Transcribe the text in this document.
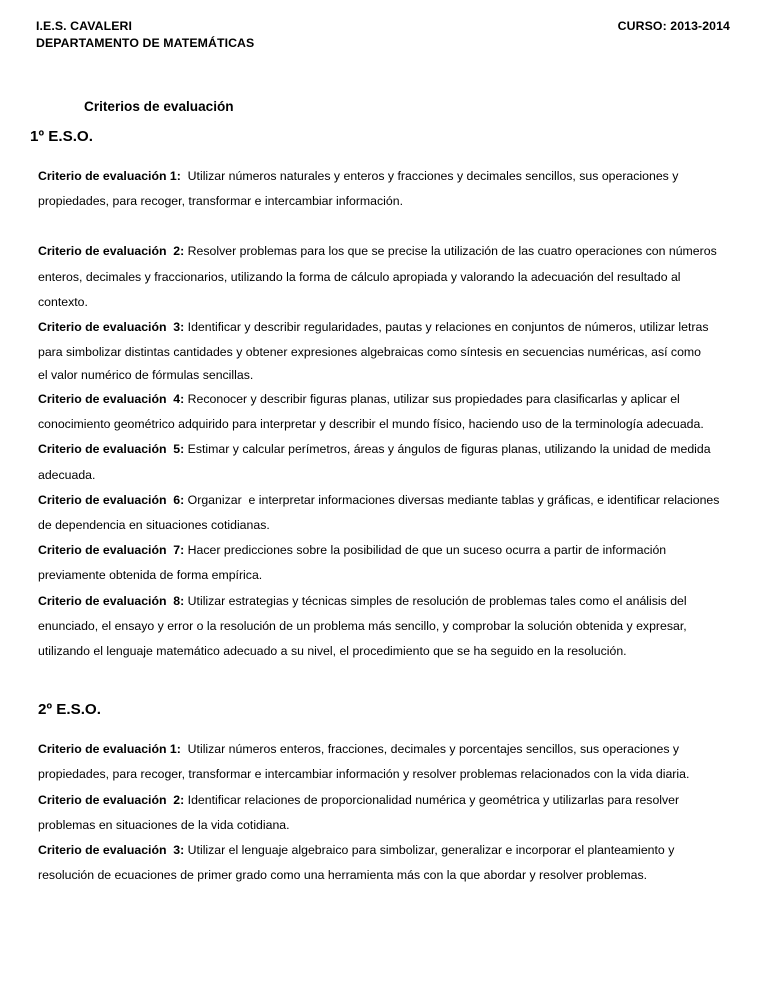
I.E.S. CAVALERI
DEPARTAMENTO DE MATEMÁTICAS
CURSO: 2013-2014
Criterios de evaluación
1º E.S.O.

Criterio de evaluación 1:  Utilizar números naturales y enteros y fracciones y decimales sencillos, sus operaciones y propiedades, para recoger, transformar e intercambiar información.

Criterio de evaluación  2: Resolver problemas para los que se precise la utilización de las cuatro operaciones con números enteros, decimales y fraccionarios, utilizando la forma de cálculo apropiada y valorando la adecuación del resultado al contexto.

Criterio de evaluación  3: Identificar y describir regularidades, pautas y relaciones en conjuntos de números, utilizar letras para simbolizar distintas cantidades y obtener expresiones algebraicas como síntesis en secuencias numéricas, así como

el valor numérico de fórmulas sencillas.

Criterio de evaluación  4: Reconocer y describir figuras planas, utilizar sus propiedades para clasificarlas y aplicar el conocimiento geométrico adquirido para interpretar y describir el mundo físico, haciendo uso de la terminología adecuada.

Criterio de evaluación  5: Estimar y calcular perímetros, áreas y ángulos de figuras planas, utilizando la unidad de medida adecuada.

Criterio de evaluación  6: Organizar  e interpretar informaciones diversas mediante tablas y gráficas, e identificar relaciones de dependencia en situaciones cotidianas.

Criterio de evaluación  7: Hacer predicciones sobre la posibilidad de que un suceso ocurra a partir de información previamente obtenida de forma empírica.

Criterio de evaluación  8: Utilizar estrategias y técnicas simples de resolución de problemas tales como el análisis del enunciado, el ensayo y error o la resolución de un problema más sencillo, y comprobar la solución obtenida y expresar, utilizando el lenguaje matemático adecuado a su nivel, el procedimiento que se ha seguido en la resolución.

2º E.S.O.

Criterio de evaluación 1:  Utilizar números enteros, fracciones, decimales y porcentajes sencillos, sus operaciones y propiedades, para recoger, transformar e intercambiar información y resolver problemas relacionados con la vida diaria.

Criterio de evaluación  2: Identificar relaciones de proporcionalidad numérica y geométrica y utilizarlas para resolver problemas en situaciones de la vida cotidiana.

Criterio de evaluación  3: Utilizar el lenguaje algebraico para simbolizar, generalizar e incorporar el planteamiento y resolución de ecuaciones de primer grado como una herramienta más con la que abordar y resolver problemas.
